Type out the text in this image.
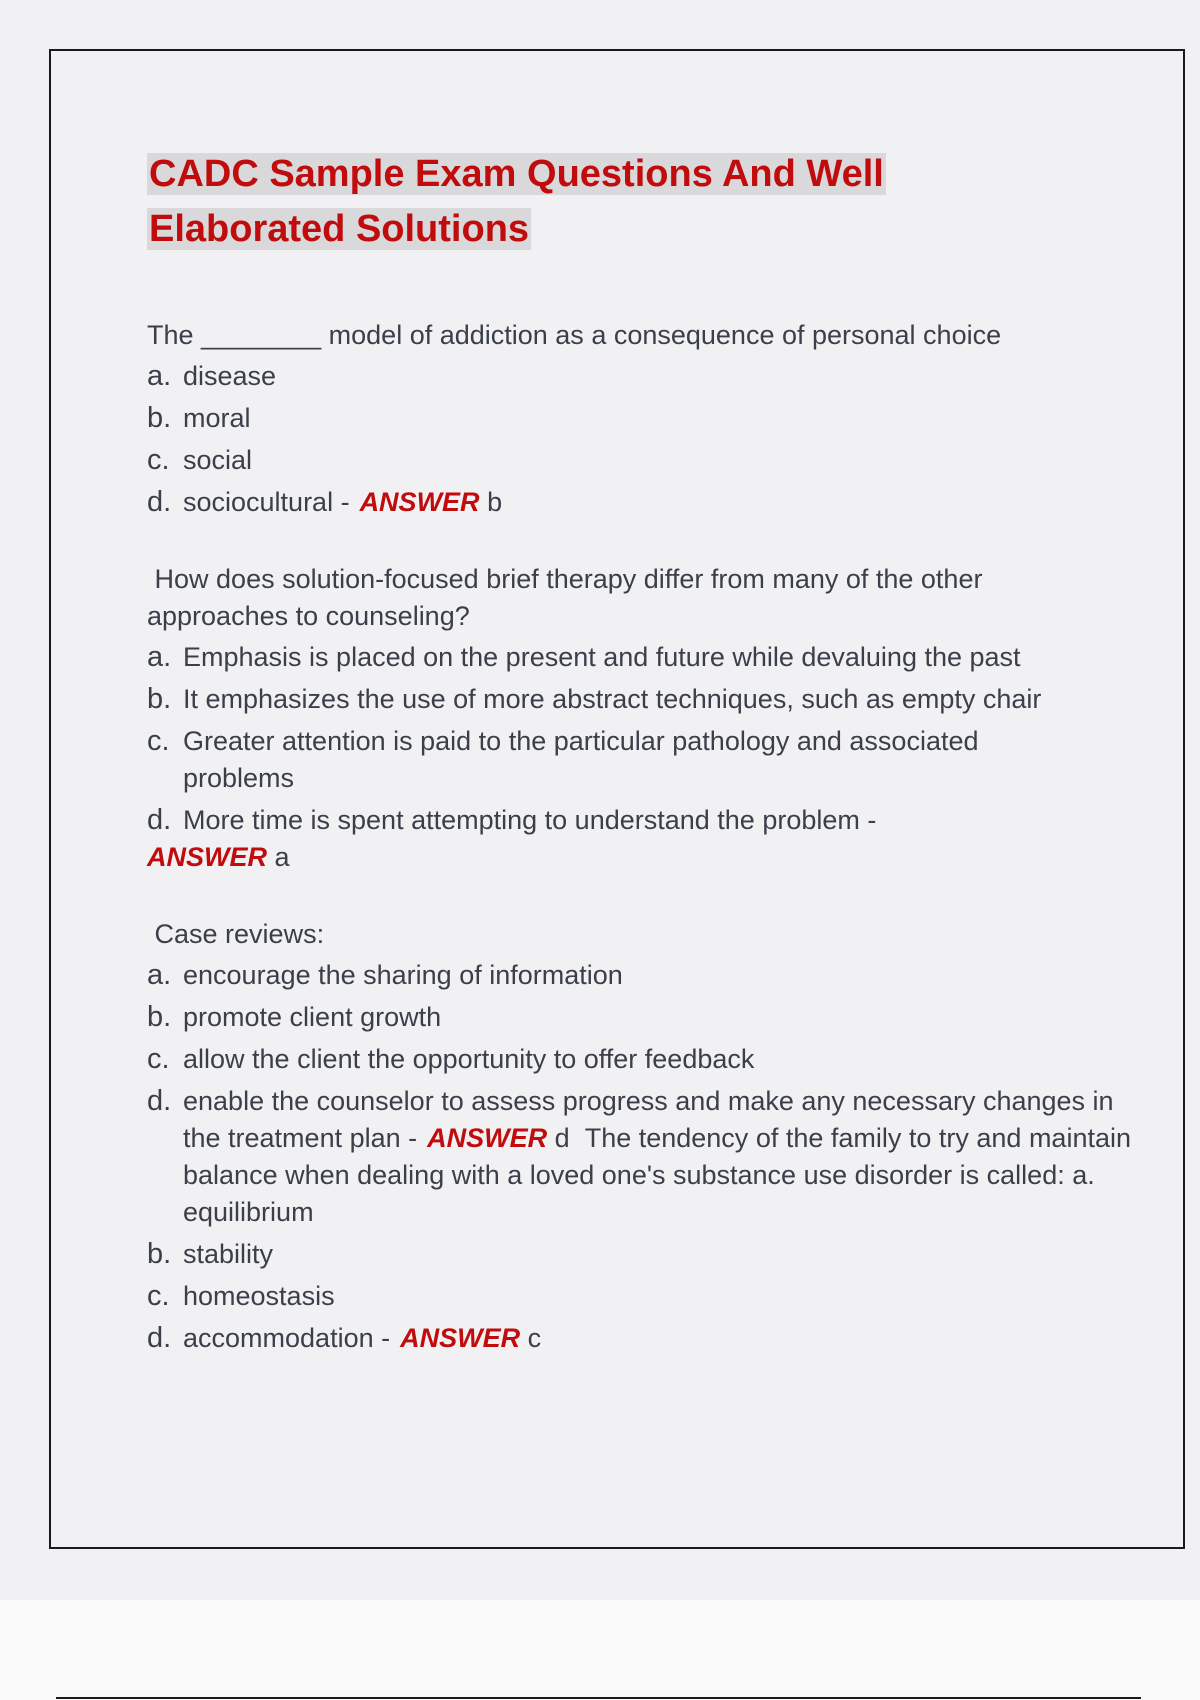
CADC Sample Exam Questions And Well
Elaborated Solutions
The ________ model of addiction as a consequence of personal choice
a. disease
b. moral
c. social
d. sociocultural - ANSWER b
How does solution-focused brief therapy differ from many of the other
approaches to counseling?
a. Emphasis is placed on the present and future while devaluing the past
b. It emphasizes the use of more abstract techniques, such as empty chair
c. Greater attention is paid to the particular pathology and associated problems
d. More time is spent attempting to understand the problem -
ANSWER a
Case reviews:
a. encourage the sharing of information
b. promote client growth
c. allow the client the opportunity to offer feedback
d. enable the counselor to assess progress and make any necessary changes in the treatment plan - ANSWER d The tendency of the family to try and maintain balance when dealing with a loved one's substance use disorder is called: a. equilibrium
b. stability
c. homeostasis
d. accommodation - ANSWER c
